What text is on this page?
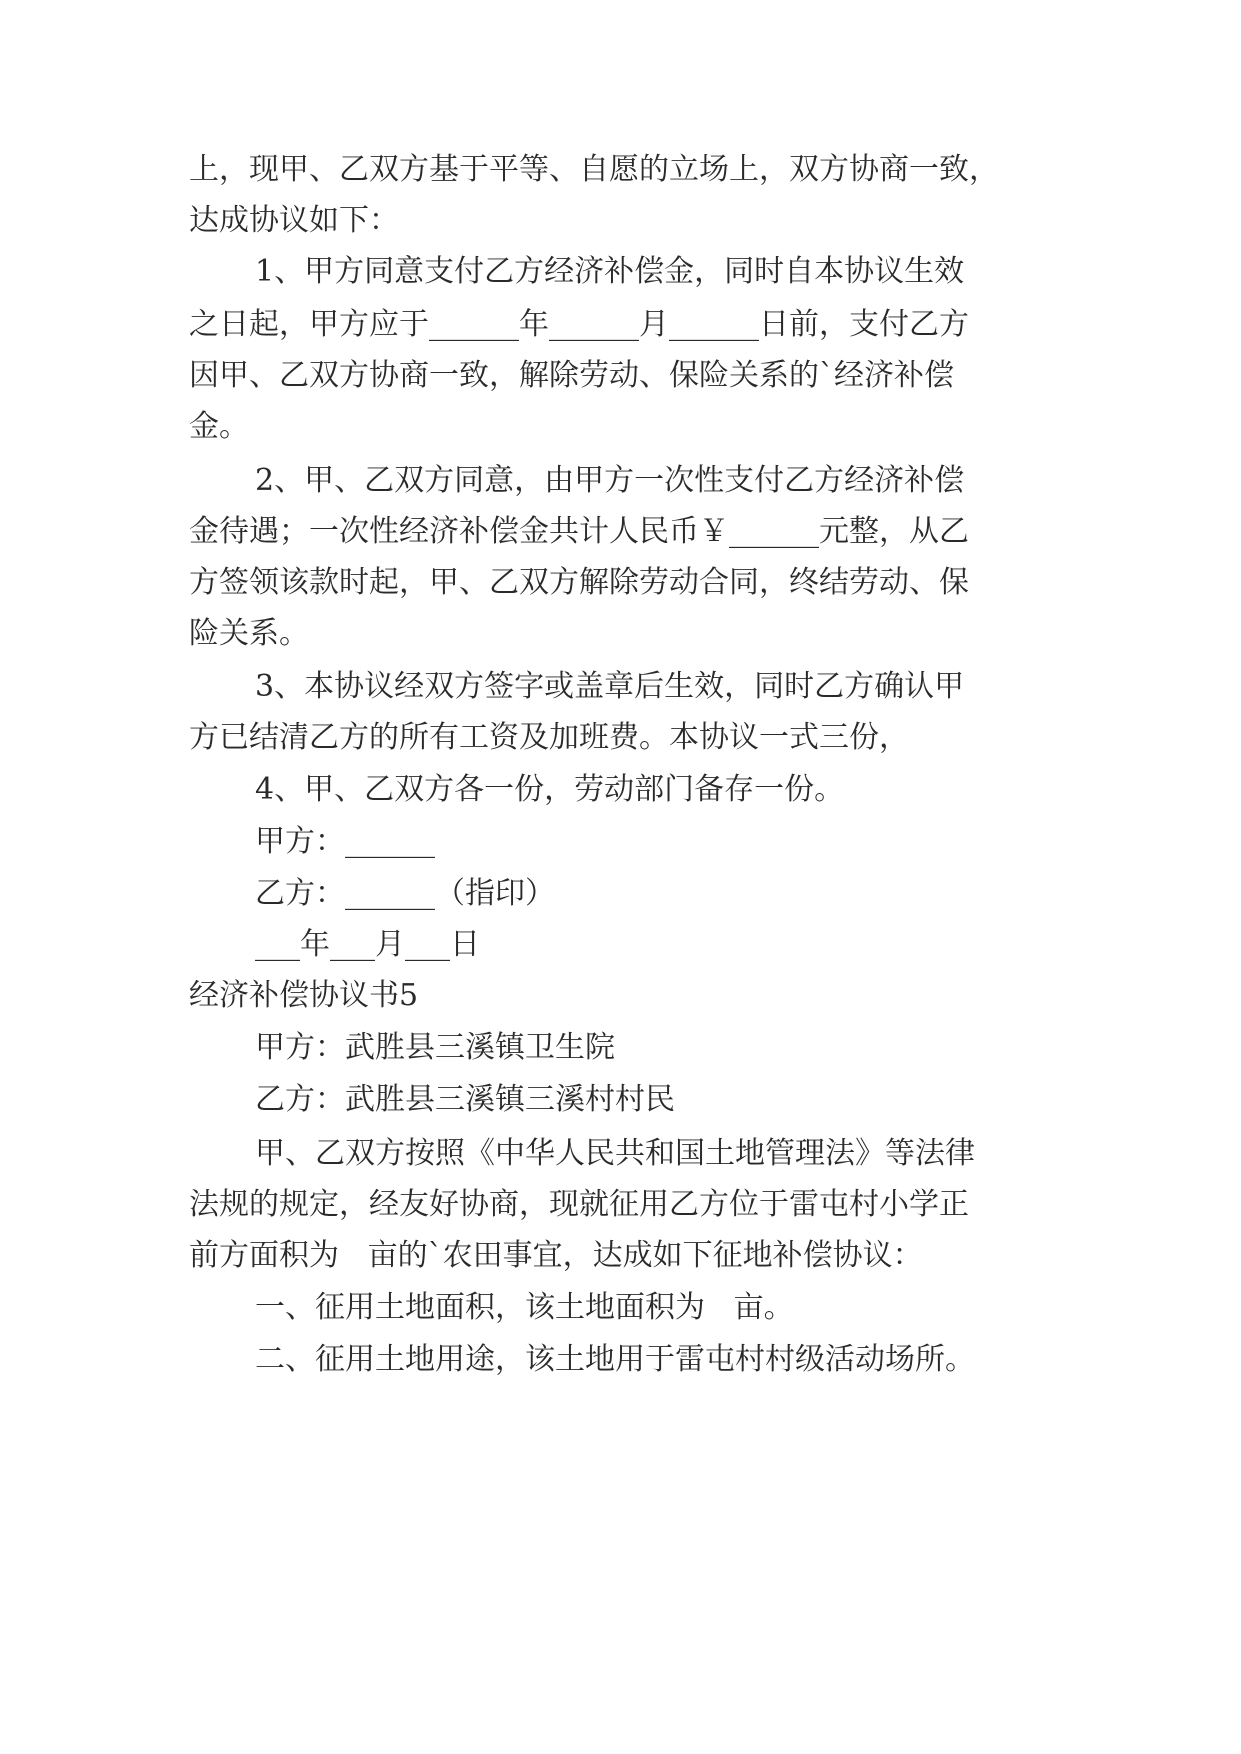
上，现甲、乙双方基于平等、自愿的立场上，双方协商一致，
达成协议如下：
1、甲方同意支付乙方经济补偿金，同时自本协议生效
之日起，甲方应于______年______月______日前，支付乙方
因甲、乙双方协商一致，解除劳动、保险关系的`经济补偿
金。
2、甲、乙双方同意，由甲方一次性支付乙方经济补偿
金待遇；一次性经济补偿金共计人民币￥______元整，从乙
方签领该款时起，甲、乙双方解除劳动合同，终结劳动、保
险关系。
3、本协议经双方签字或盖章后生效，同时乙方确认甲
方已结清乙方的所有工资及加班费。本协议一式三份，
4、甲、乙双方各一份，劳动部门备存一份。
甲方：______
乙方：______（指印）
___年___月___日
经济补偿协议书5
甲方：武胜县三溪镇卫生院
乙方：武胜县三溪镇三溪村村民
甲、乙双方按照《中华人民共和国土地管理法》等法律
法规的规定，经友好协商，现就征用乙方位于雷屯村小学正
前方面积为   亩的`农田事宜，达成如下征地补偿协议：
一、征用土地面积，该土地面积为   亩。
二、征用土地用途，该土地用于雷屯村村级活动场所。
